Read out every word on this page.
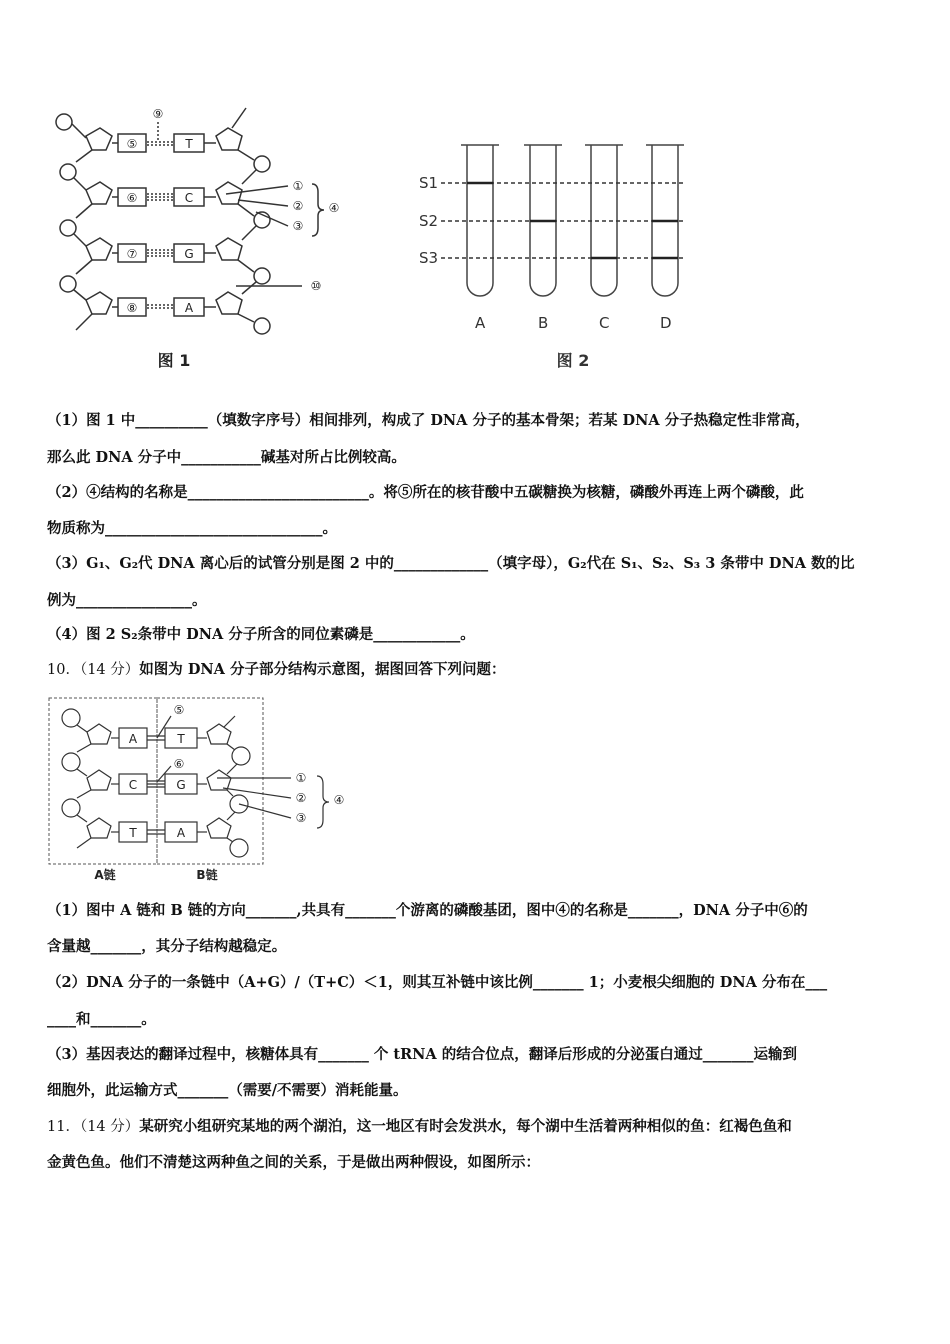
⑨
⑤
⑥
⑦
⑧
T
C
G
A
①
②
③
④
⑩
图 1
S1
S2
S3
A	B	C	D
图 2
（1）图 1 中__________（填数字序号）相间排列，构成了 DNA 分子的基本骨架；若某 DNA 分子热稳定性非常高，
那么此 DNA 分子中___________碱基对所占比例较高。
（2）④结构的名称是_________________________。将⑤所在的核苷酸中五碳糖换为核糖，磷酸外再连上两个磷酸，此
物质称为______________________________。
（3）G₁、G₂代 DNA 离心后的试管分别是图 2 中的_____________（填字母），G₂代在 S₁、S₂、S₃ 3 条带中 DNA 数的比
例为________________。
（4）图 2 S₂条带中 DNA 分子所含的同位素磷是____________。
10．（14 分）如图为 DNA 分子部分结构示意图，据图回答下列问题：
A
C
T
T
G
A
⑤
⑥
①
②
③
④
A链	B链
（1）图中 A 链和 B 链的方向_______,共具有_______个游离的磷酸基团，图中④的名称是_______，DNA 分子中⑥的
含量越_______，其分子结构越稳定。
（2）DNA 分子的一条链中（A+G）/（T+C）＜1，则其互补链中该比例_______ 1；小麦根尖细胞的 DNA 分布在___
____和_______。
（3）基因表达的翻译过程中，核糖体具有_______ 个 tRNA 的结合位点，翻译后形成的分泌蛋白通过_______运输到
细胞外，此运输方式_______（需要/不需要）消耗能量。
11．（14 分）某研究小组研究某地的两个湖泊，这一地区有时会发洪水，每个湖中生活着两种相似的鱼：红褐色鱼和
金黄色鱼。他们不清楚这两种鱼之间的关系，于是做出两种假设，如图所示：
